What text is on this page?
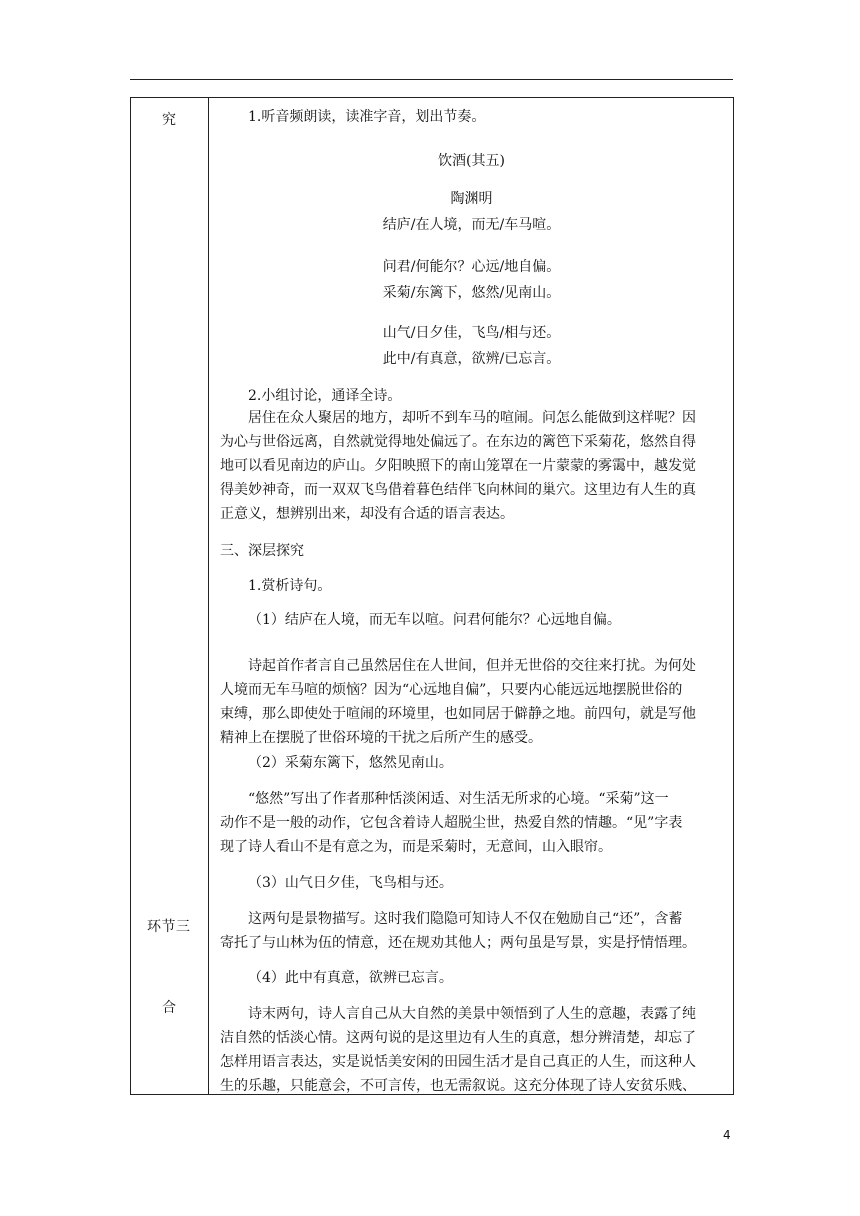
究
环节三
合
1.听音频朗读，读准字音，划出节奏。
饮酒(其五)
陶渊明
结庐/在人境，而无/车马喧。
问君/何能尔？心远/地自偏。
采菊/东篱下，悠然/见南山。
山气/日夕佳，飞鸟/相与还。
此中/有真意，欲辨/已忘言。
2.小组讨论，通译全诗。
居住在众人聚居的地方，却听不到车马的喧闹。问怎么能做到这样呢？因
为心与世俗远离，自然就觉得地处偏远了。在东边的篱笆下采菊花，悠然自得
地可以看见南边的庐山。夕阳映照下的南山笼罩在一片蒙蒙的雾霭中，越发觉
得美妙神奇，而一双双飞鸟借着暮色结伴飞向林间的巢穴。这里边有人生的真
正意义，想辨别出来，却没有合适的语言表达。
三、深层探究
1.赏析诗句。
（1）结庐在人境，而无车以喧。问君何能尔？心远地自偏。
诗起首作者言自己虽然居住在人世间，但并无世俗的交往来打扰。为何处
人境而无车马喧的烦恼？因为“心远地自偏”，只要内心能远远地摆脱世俗的
束缚，那么即使处于喧闹的环境里，也如同居于僻静之地。前四句，就是写他
精神上在摆脱了世俗环境的干扰之后所产生的感受。
（2）采菊东篱下，悠然见南山。
“悠然”写出了作者那种恬淡闲适、对生活无所求的心境。“采菊”这一
动作不是一般的动作，它包含着诗人超脱尘世，热爱自然的情趣。“见”字表
现了诗人看山不是有意之为，而是采菊时，无意间，山入眼帘。
（3）山气日夕佳，飞鸟相与还。
这两句是景物描写。这时我们隐隐可知诗人不仅在勉励自己“还”，含蓄
寄托了与山林为伍的情意，还在规劝其他人；两句虽是写景，实是抒情悟理。
（4）此中有真意，欲辨已忘言。
诗末两句，诗人言自己从大自然的美景中领悟到了人生的意趣，表露了纯
洁自然的恬淡心情。这两句说的是这里边有人生的真意，想分辨清楚，却忘了
怎样用语言表达，实是说恬美安闲的田园生活才是自己真正的人生，而这种人
生的乐趣，只能意会，不可言传，也无需叙说。这充分体现了诗人安贫乐贱、
4
